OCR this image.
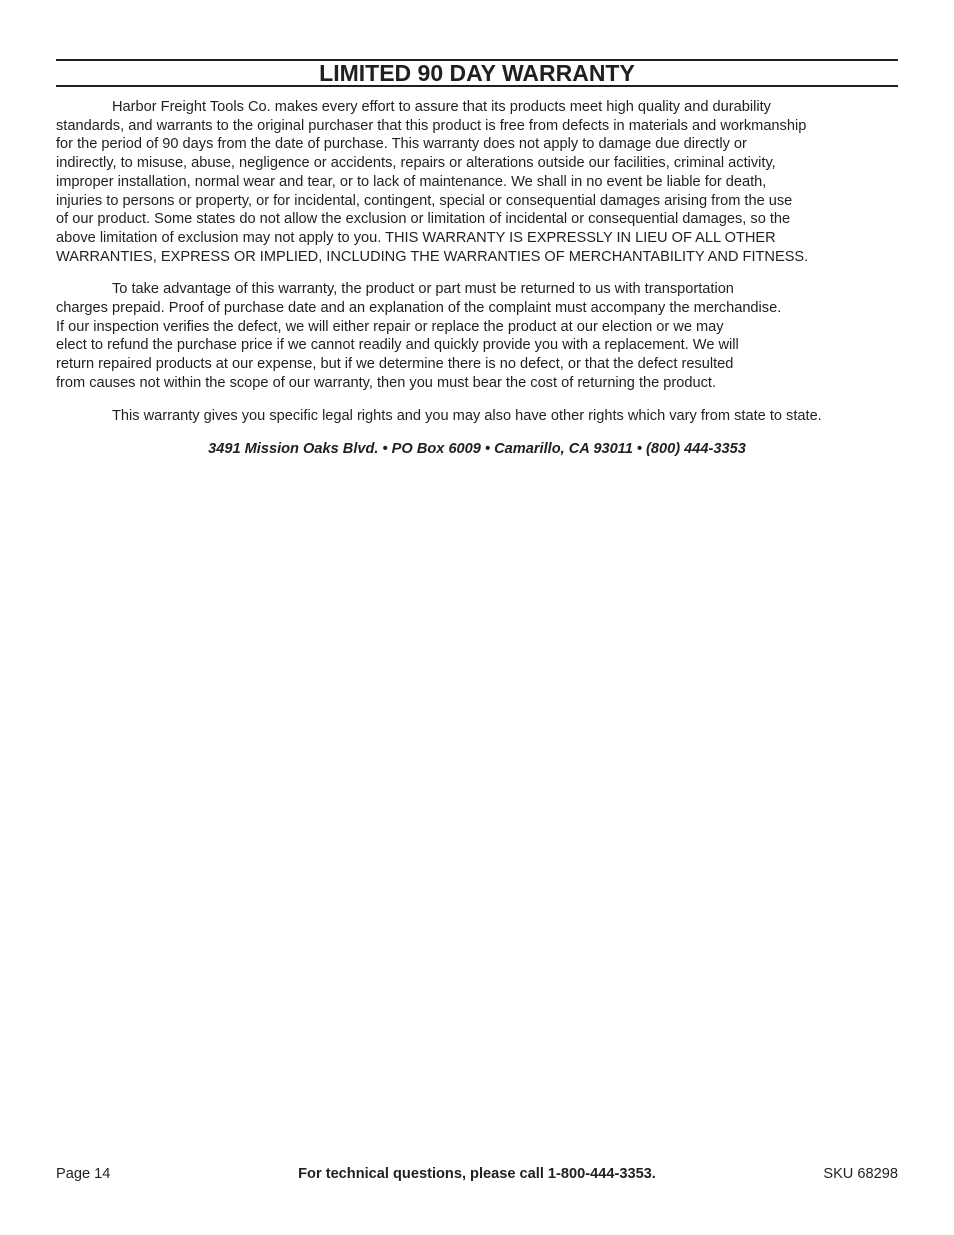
LIMITED 90 DAY WARRANTY

Harbor Freight Tools Co. makes every effort to assure that its products meet high quality and durability
standards, and warrants to the original purchaser that this product is free from defects in materials and workmanship
for the period of 90 days from the date of purchase. This warranty does not apply to damage due directly or
indirectly, to misuse, abuse, negligence or accidents, repairs or alterations outside our facilities, criminal activity,
improper installation, normal wear and tear, or to lack of maintenance. We shall in no event be liable for death,
injuries to persons or property, or for incidental, contingent, special or consequential damages arising from the use
of our product. Some states do not allow the exclusion or limitation of incidental or consequential damages, so the
above limitation of exclusion may not apply to you. THIS WARRANTY IS EXPRESSLY IN LIEU OF ALL OTHER
WARRANTIES, EXPRESS OR IMPLIED, INCLUDING THE WARRANTIES OF MERCHANTABILITY AND FITNESS.

To take advantage of this warranty, the product or part must be returned to us with transportation
charges prepaid. Proof of purchase date and an explanation of the complaint must accompany the merchandise.
If our inspection verifies the defect, we will either repair or replace the product at our election or we may
elect to refund the purchase price if we cannot readily and quickly provide you with a replacement. We will
return repaired products at our expense, but if we determine there is no defect, or that the defect resulted
from causes not within the scope of our warranty, then you must bear the cost of returning the product.

This warranty gives you specific legal rights and you may also have other rights which vary from state to state.

3491 Mission Oaks Blvd. • PO Box 6009 • Camarillo, CA 93011 • (800) 444-3353
Page 14	For technical questions, please call 1-800-444-3353.	SKU 68298
